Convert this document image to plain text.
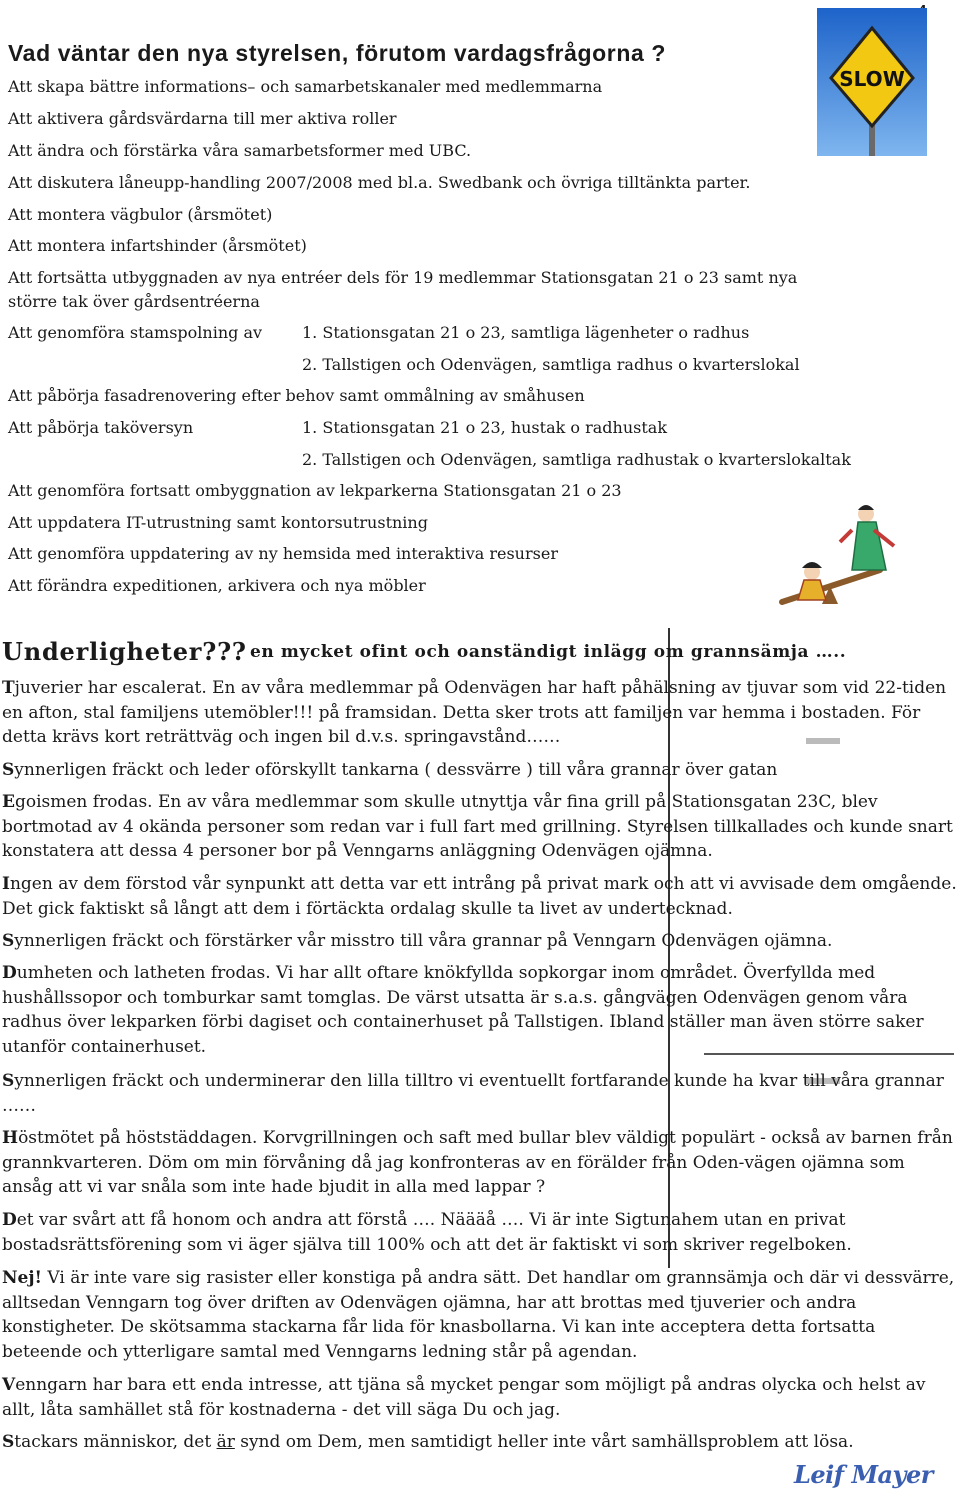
Vad väntar den nya styrelsen, förutom vardagsfrågorna ?
SLOW
Att skapa bättre informations– och samarbetskanaler med medlemmarna
Att aktivera gårdsvärdarna till mer aktiva roller
Att ändra och förstärka våra samarbetsformer med UBC.
Att diskutera låneupp-handling 2007/2008 med bl.a. Swedbank och övriga tilltänkta parter.
Att montera vägbulor (årsmötet)
Att montera infartshinder (årsmötet)
Att fortsätta utbyggnaden av nya entréer dels för 19 medlemmar Stationsgatan 21 o 23 samt nya
större tak över gårdsentréerna
Att genomföra stamspolning av 1. Stationsgatan 21 o 23, samtliga lägenheter o radhus
2. Tallstigen och Odenvägen, samtliga radhus o kvarterslokal
Att påbörja fasadrenovering efter behov samt ommålning av småhusen
Att påbörja taköversyn	1. Stationsgatan 21 o 23, hustak o radhustak
2. Tallstigen och Odenvägen, samtliga radhustak o kvarterslokaltak
Att genomföra fortsatt ombyggnation av lekparkerna Stationsgatan 21 o 23
Att uppdatera IT-utrustning samt kontorsutrustning
Att genomföra uppdatering av ny hemsida med interaktiva resurser
Att förändra expeditionen, arkivera och nya möbler
Underligheter??? en mycket ofint och oanständigt inlägg om grannsämja …..
Tjuverier har escalerat. En av våra medlemmar på Odenvägen har haft påhälsning av tjuvar som vid 22-tiden en afton, stal familjens utemöbler!!! på framsidan. Detta sker trots att familjen var hemma i bostaden. För detta krävs kort reträttväg och ingen bil d.v.s. springavstånd……
Synnerligen fräckt och leder oförskyllt tankarna ( dessvärre ) till våra grannar över gatan
Egoismen frodas. En av våra medlemmar som skulle utnyttja vår fina grill på Stationsgatan 23C, blev bortmotad av 4 okända personer som redan var i full fart med grillning. Styrelsen tillkallades och kunde snart konstatera att dessa 4 personer bor på Venngarns anläggning Odenvägen ojämna.
Ingen av dem förstod vår synpunkt att detta var ett intrång på privat mark och att vi avvisade dem omgående. Det gick faktiskt så långt att dem i förtäckta ordalag skulle ta livet av undertecknad.
Synnerligen fräckt och förstärker vår misstro till våra grannar på Venngarn Odenvägen ojämna.
Dumheten och latheten frodas. Vi har allt oftare knökfyllda sopkorgar inom området. Överfyllda med hushållssopor och tomburkar samt tomglas. De värst utsatta är s.a.s. gångvägen Odenvägen genom våra radhus över lekparken förbi dagiset och containerhuset på Tallstigen. Ibland ställer man även större saker utanför containerhuset.
Synnerligen fräckt och underminerar den lilla tilltro vi eventuellt fortfarande kunde ha kvar till våra grannar ……
Höstmötet på höststäddagen. Korvgrillningen och saft med bullar blev väldigt populärt - också av barnen från grannkvarteren. Döm om min förvåning då jag konfronteras av en förälder från Oden-vägen ojämna som ansåg att vi var snåla som inte hade bjudit in alla med lappar ?
Det var svårt att få honom och andra att förstå …. Näääå …. Vi är inte Sigtunahem utan en privat bostadsrättsförening som vi äger själva till 100% och att det är faktiskt vi som skriver regelboken.
Nej! Vi är inte vare sig rasister eller konstiga på andra sätt. Det handlar om grannsämja och där vi dessvärre, alltsedan Venngarn tog över driften av Odenvägen ojämna, har att brottas med tjuverier och andra konstigheter. De skötsamma stackarna får lida för knasbollarna. Vi kan inte acceptera detta fortsatta beteende och ytterligare samtal med Venngarns ledning står på agendan.
Venngarn har bara ett enda intresse, att tjäna så mycket pengar som möjligt på andras olycka och helst av allt, låta samhället stå för kostnaderna - det vill säga Du och jag.
Stackars människor, det är synd om Dem, men samtidigt heller inte vårt samhällsproblem att lösa.
Leif Mayer
